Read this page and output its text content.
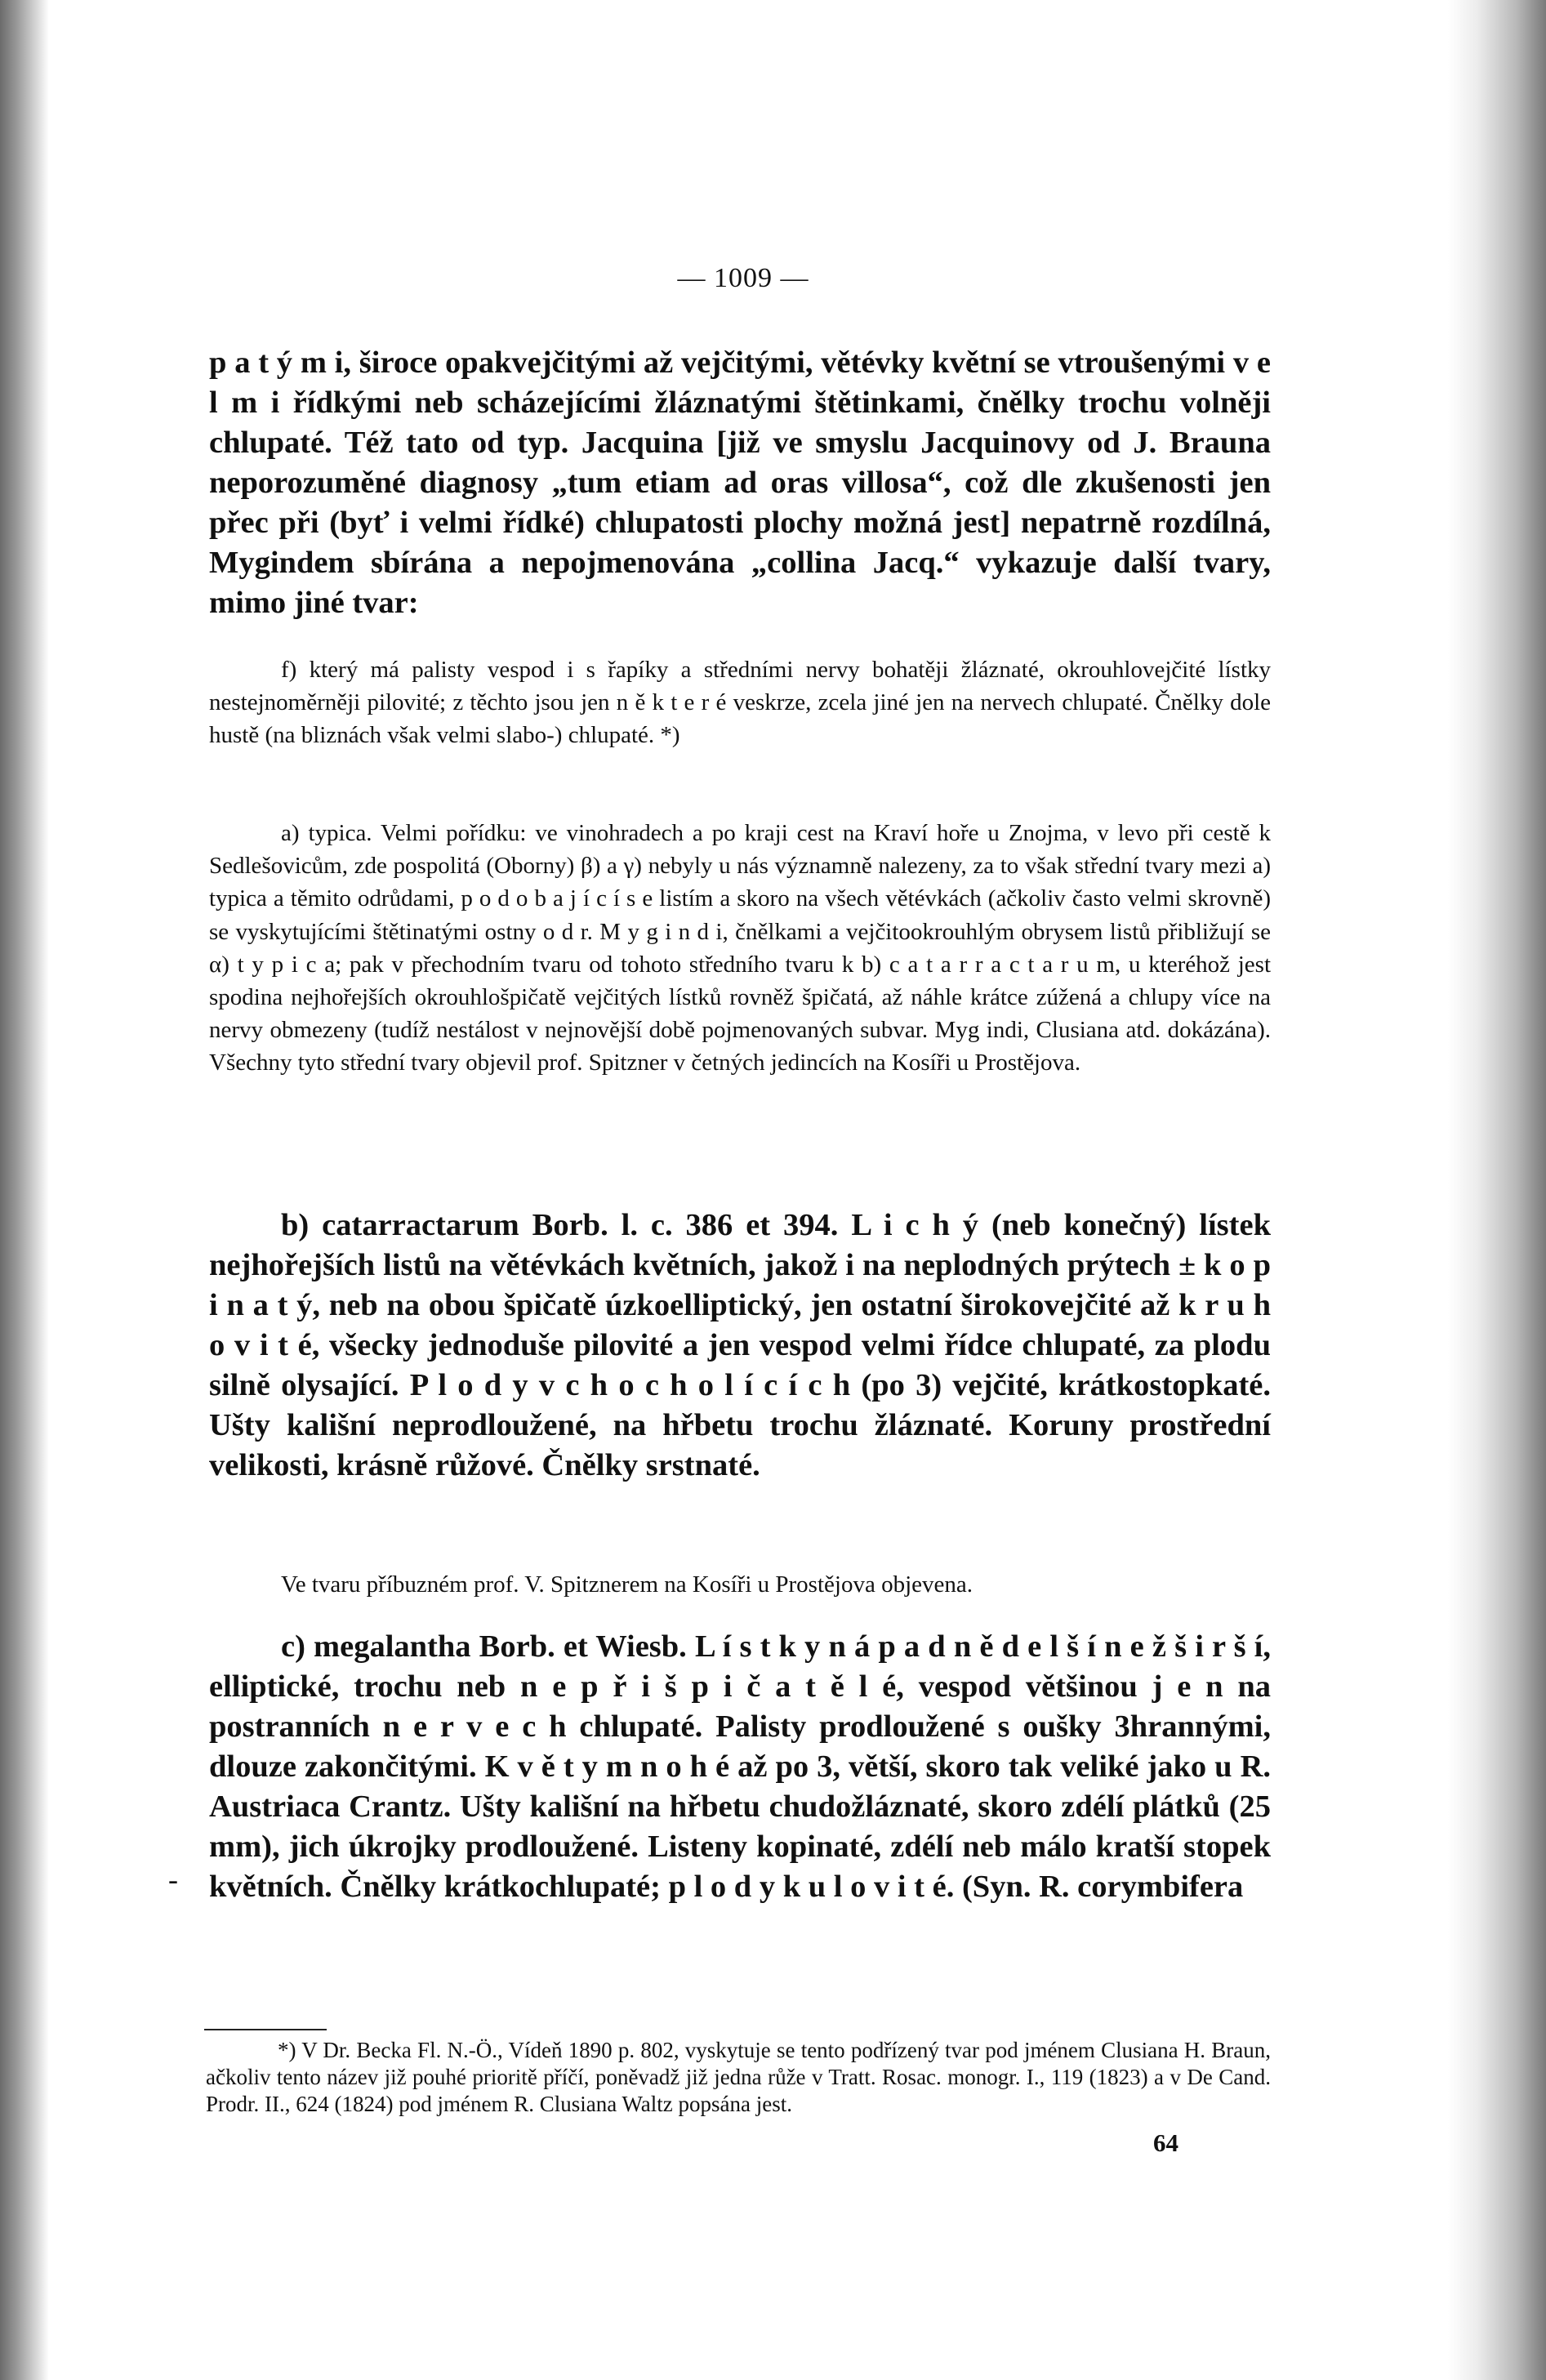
— 1009 —

p a t ý m i, široce opakvejčitými až vejčitými, větévky květní se vtroušenými v e l m i řídkými neb scházejícími žláznatými štětinkami, čnělky trochu volněji chlupaté. Též tato od typ. Jacquina [již ve smyslu Jacquinovy od J. Brauna neporozuměné diagnosy „tum etiam ad oras villosa“, což dle zkušenosti jen přec při (byť i velmi řídké) chlupatosti plochy možná jest] nepatrně rozdílná, Mygindem sbírána a nepojmenována „collina Jacq.“ vykazuje další tvary, mimo jiné tvar:

f) který má palisty vespod i s řapíky a středními nervy bohatěji žláznaté, okrouhlovejčité lístky nestejnoměrněji pilovité; z těchto jsou jen n ě k t e r é veskrze, zcela jiné jen na nervech chlupaté. Čnělky dole hustě (na bliznách však velmi slabo-) chlupaté. *)

a) typica. Velmi pořídku: ve vinohradech a po kraji cest na Kraví hoře u Znojma, v levo při cestě k Sedlešovicům, zde pospolitá (Oborny) β) a γ) nebyly u nás významně nalezeny, za to však střední tvary mezi a) typica a těmito odrůdami, p o d o b a j í c í s e listím a skoro na všech větévkách (ačkoliv často velmi skrovně) se vyskytujícími štětinatými ostny o d r. M y g i n d i, čnělkami a vejčitookrouhlým obrysem listů přibližují se α) t y p i c a; pak v přechodním tvaru od tohoto středního tvaru k b) c a t a r r a c t a r u m, u kteréhož jest spodina nejhořejších okrouhlošpičatě vejčitých lístků rovněž špičatá, až náhle krátce zúžená a chlupy více na nervy obmezeny (tudíž nestálost v nejnovější době pojmenovaných subvar. Myg indi, Clusiana atd. dokázána). Všechny tyto střední tvary objevil prof. Spitzner v četných jedincích na Kosíři u Prostějova.

b) catarractarum Borb. l. c. 386 et 394. L i c h ý (neb konečný) lístek nejhořejších listů na větévkách květních, jakož i na neplodných prýtech ± k o p i n a t ý, neb na obou špičatě úzkoelliptický, jen ostatní širokovejčité až k r u h o v i t é, všecky jednoduše pilovité a jen vespod velmi řídce chlupaté, za plodu silně olysající. P l o d y v c h o c h o l í c í c h (po 3) vejčité, krátkostopkaté. Ušty kališní neprodloužené, na hřbetu trochu žláznaté. Koruny prostřední velikosti, krásně růžové. Čnělky srstnaté.

Ve tvaru příbuzném prof. V. Spitznerem na Kosíři u Prostějova objevena.

c) megalantha Borb. et Wiesb. L í s t k y n á p a d n ě d e l š í n e ž š i r š í, elliptické, trochu neb n e p ř i š p i č a t ě l é, vespod většinou j e n na postranních n e r v e c h chlupaté. Palisty prodloužené s oušky 3hrannými, dlouze zakončitými. K v ě t y m n o h é až po 3, větší, skoro tak veliké jako u R. Austriaca Crantz. Ušty kališní na hřbetu chudožláznaté, skoro zdélí plátků (25 mm), jich úkrojky prodloužené. Listeny kopinaté, zdélí neb málo kratší stopek květních. Čnělky krátkochlupaté; p l o d y k u l o v i t é. (Syn. R. corymbifera

-

*) V Dr. Becka Fl. N.-Ö., Vídeň 1890 p. 802, vyskytuje se tento podřízený tvar pod jménem Clusiana H. Braun, ačkoliv tento název již pouhé prioritě příčí, poněvadž již jedna růže v Tratt. Rosac. monogr. I., 119 (1823) a v De Cand. Prodr. II., 624 (1824) pod jménem R. Clusiana Waltz popsána jest.

64
